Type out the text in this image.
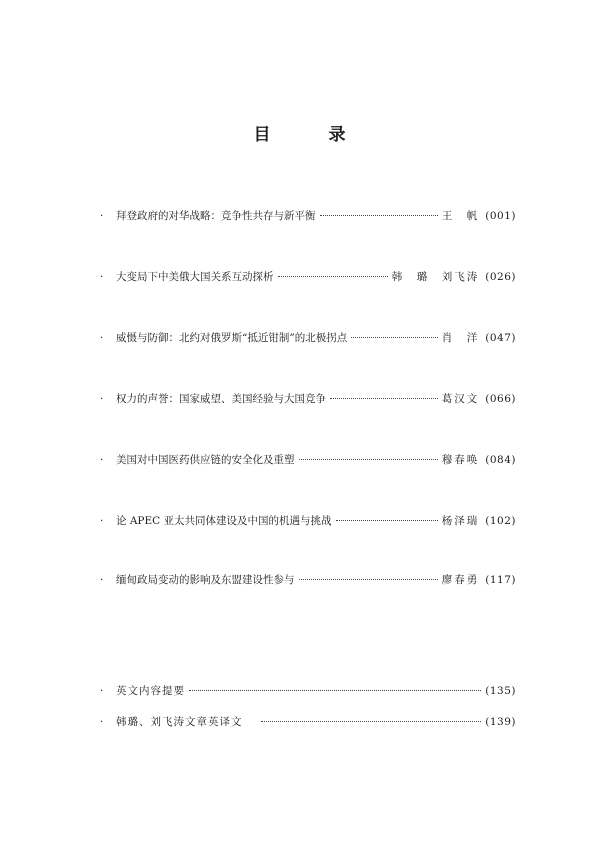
目录
·	拜登政府的对华战略：竞争性共存与新平衡	王　帆 (001)
·	大变局下中美俄大国关系互动探析	韩　璐　刘飞涛 (026)
·	威慑与防御：北约对俄罗斯“抵近钳制”的北极拐点	肖　洋 (047)
·	权力的声誉：国家威望、美国经验与大国竞争	葛汉文 (066)
·	美国对中国医药供应链的安全化及重塑	穆春唤 (084)
·	论 APEC 亚太共同体建设及中国的机遇与挑战	杨泽瑞 (102)
·	缅甸政局变动的影响及东盟建设性参与	廖春勇 (117)
·	英文内容提要	(135)
·	韩璐、刘飞涛文章英译文	(139)
